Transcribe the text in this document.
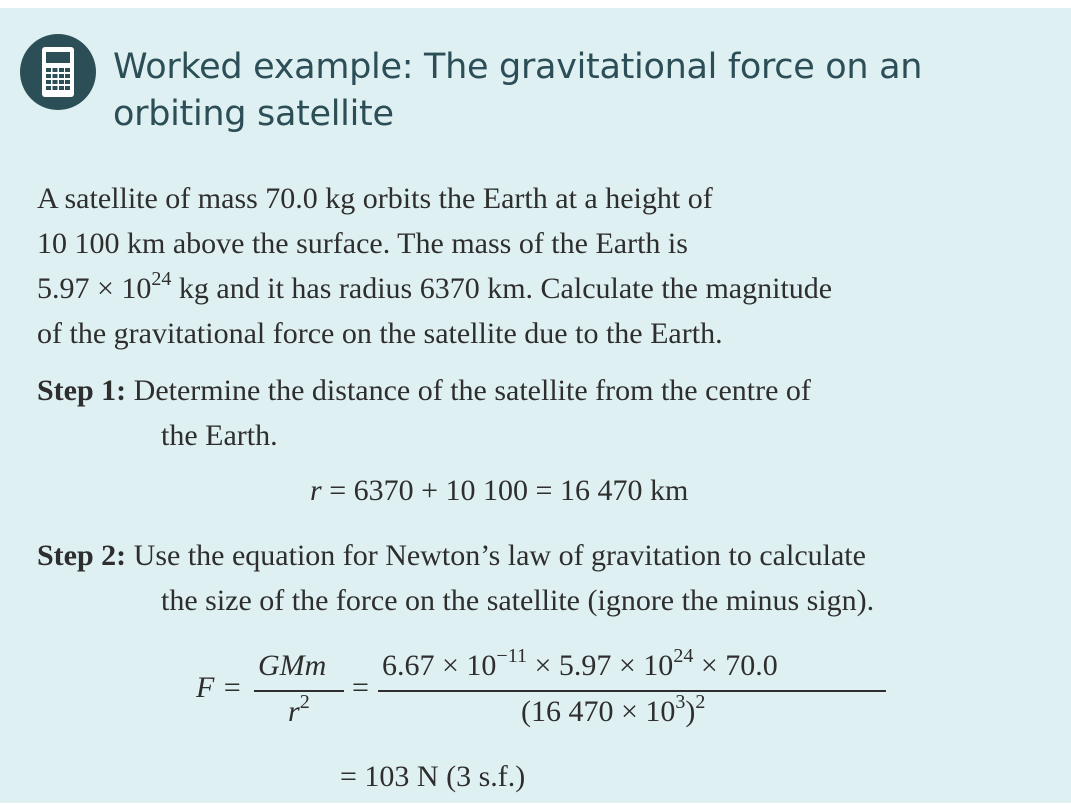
Worked example: The gravitational force on an
orbiting satellite
A satellite of mass 70.0 kg orbits the Earth at a height of
10 100 km above the surface. The mass of the Earth is
$5.97 \times 10^{24}$ kg and it has radius 6370 km. Calculate the magnitude
of the gravitational force on the satellite due to the Earth.
Step 1: Determine the distance of the satellite from the centre of
the Earth.
r = 6370 + 10 100 = 16 470 km
Step 2: Use the equation for Newton’s law of gravitation to calculate
the size of the force on the satellite (ignore the minus sign).
F =
GMm
$r^2$ =
$6.67 \times 10^{-11} \times 5.97 \times 10^{24} \times 70.0$
(16 $470 \times 10^3)^2$
= 103 N (3 s.f.)
